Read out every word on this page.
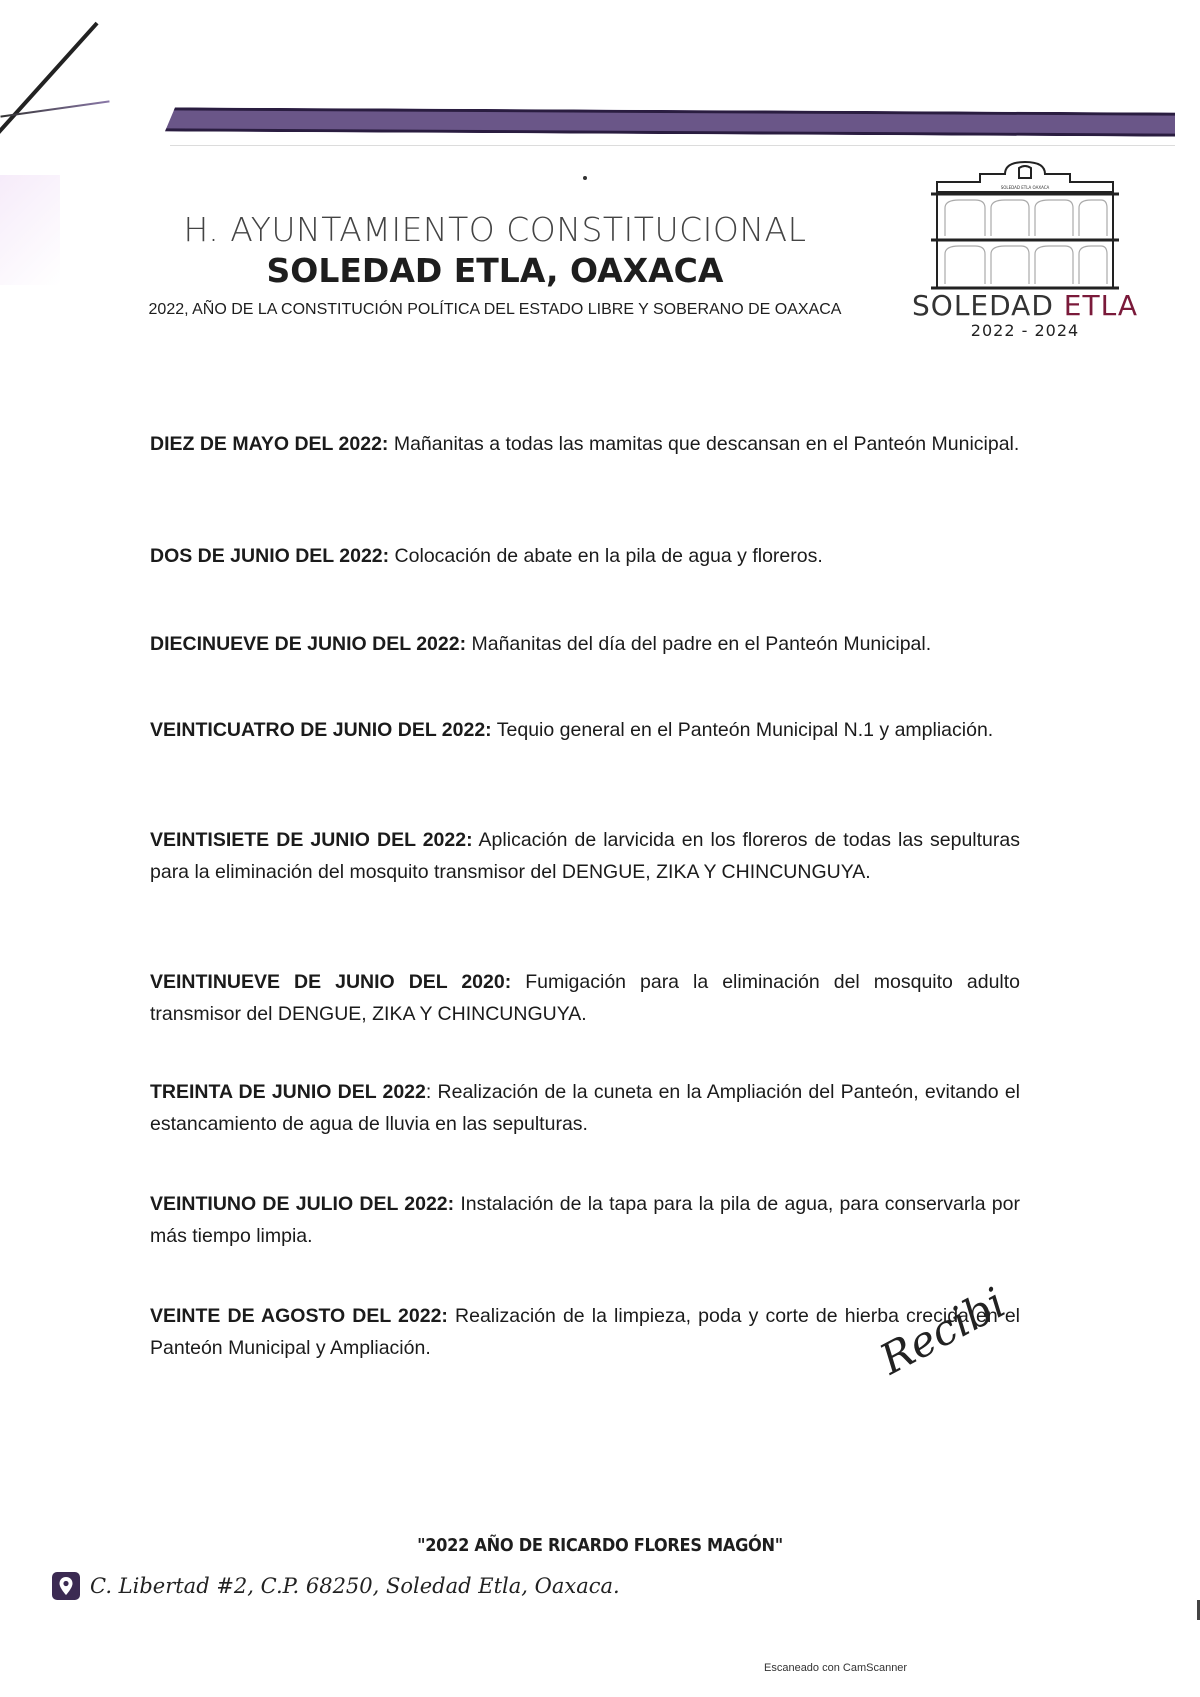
H. AYUNTAMIENTO CONSTITUCIONAL
SOLEDAD ETLA, OAXACA
2022, AÑO DE LA CONSTITUCIÓN POLÍTICA DEL ESTADO LIBRE Y SOBERANO DE OAXACA
SOLEDAD ETLA OAXACA
SOLEDAD ETLA
2022 - 2024
DIEZ DE MAYO DEL 2022: Mañanitas a todas las mamitas que descansan en el Panteón Municipal.
DOS DE JUNIO DEL 2022: Colocación de abate en la pila de agua y floreros.
DIECINUEVE DE JUNIO DEL 2022: Mañanitas del día del padre en el Panteón Municipal.
VEINTICUATRO DE JUNIO DEL 2022: Tequio general en el Panteón Municipal N.1 y ampliación.
VEINTISIETE DE JUNIO DEL 2022: Aplicación de larvicida en los floreros de todas las sepulturas para la eliminación del mosquito transmisor del DENGUE, ZIKA Y CHINCUNGUYA.
VEINTINUEVE DE JUNIO DEL 2020: Fumigación para la eliminación del mosquito adulto transmisor del DENGUE, ZIKA Y CHINCUNGUYA.
TREINTA DE JUNIO DEL 2022: Realización de la cuneta en la Ampliación del Panteón, evitando el estancamiento de agua de lluvia en las sepulturas.
VEINTIUNO DE JULIO DEL 2022: Instalación de la tapa para la pila de agua, para conservarla por más tiempo limpia.
VEINTE DE AGOSTO DEL 2022: Realización de la limpieza, poda y corte de hierba crecida en el Panteón Municipal y Ampliación.	Recibi
"2022 AÑO DE RICARDO FLORES MAGÓN"
C. Libertad #2, C.P. 68250, Soledad Etla, Oaxaca.
Escaneado con CamScanner
